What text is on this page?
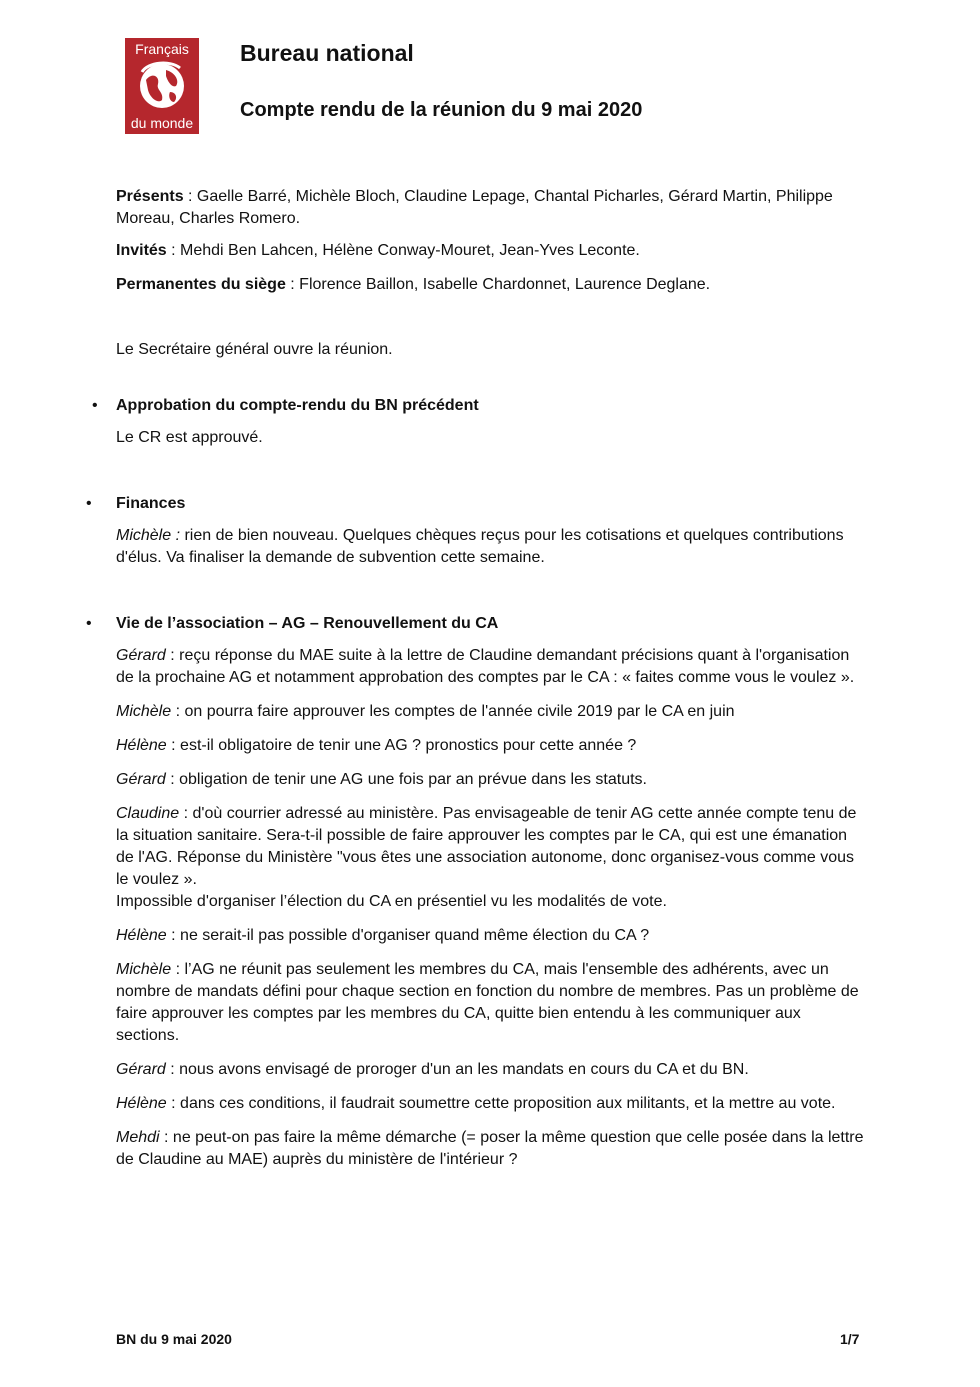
Français
du monde
Bureau national
Compte rendu de la réunion du 9 mai 2020

Présents : Gaelle Barré, Michèle Bloch, Claudine Lepage, Chantal Picharles, Gérard Martin, Philippe Moreau, Charles Romero.

Invités : Mehdi Ben Lahcen, Hélène Conway-Mouret, Jean-Yves Leconte.

Permanentes du siège : Florence Baillon, Isabelle Chardonnet, Laurence Deglane.

Le Secrétaire général ouvre la réunion.

• Approbation du compte-rendu du BN précédent

Le CR est approuvé.

• Finances

Michèle : rien de bien nouveau. Quelques chèques reçus pour les cotisations et quelques contributions d'élus. Va finaliser la demande de subvention cette semaine.

• Vie de l’association – AG – Renouvellement du CA

Gérard : reçu réponse du MAE suite à la lettre de Claudine demandant précisions quant à l'organisation de la prochaine AG et notamment approbation des comptes par le CA : « faites comme vous le voulez ».

Michèle : on pourra faire approuver les comptes de l'année civile 2019 par le CA en juin

Hélène : est-il obligatoire de tenir une AG ? pronostics pour cette année ?

Gérard : obligation de tenir une AG une fois par an prévue dans les statuts.

Claudine : d'où courrier adressé au ministère. Pas envisageable de tenir AG cette année compte tenu de la situation sanitaire. Sera-t-il possible de faire approuver les comptes par le CA, qui est une émanation de l'AG. Réponse du Ministère "vous êtes une association autonome, donc organisez-vous comme vous le voulez ».
Impossible d'organiser l’élection du CA en présentiel vu les modalités de vote.

Hélène : ne serait-il pas possible d'organiser quand même élection du CA ?

Michèle : l’AG ne réunit pas seulement les membres du CA, mais l'ensemble des adhérents, avec un nombre de mandats défini pour chaque section en fonction du nombre de membres. Pas un problème de faire approuver les comptes par les membres du CA, quitte bien entendu à les communiquer aux sections.

Gérard : nous avons envisagé de proroger d'un an les mandats en cours du CA et du BN.

Hélène : dans ces conditions, il faudrait soumettre cette proposition aux militants, et la mettre au vote.

Mehdi : ne peut-on pas faire la même démarche (= poser la même question que celle posée dans la lettre de Claudine au MAE) auprès du ministère de l'intérieur ?

BN du 9 mai 2020	1/7
